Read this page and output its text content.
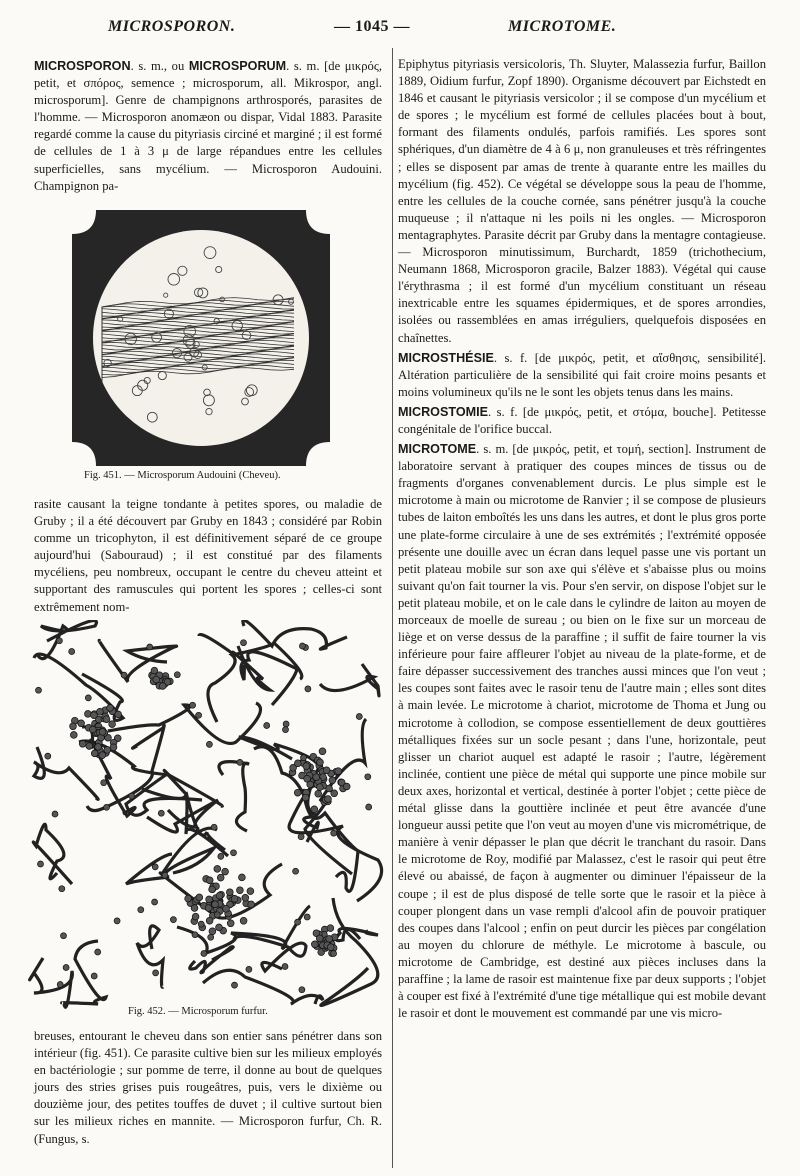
MICROSPORON.	— 1045 —	MICROTOME.

MICROSPORON. s. m., ou MICROSPORUM. s. m. [de μικρός, petit, et σπόρος, semence ; microsporum, all. Mikrospor, angl. microsporum]. Genre de champignons arthrosporés, parasites de l'homme. — Microsporon anomæon ou dispar, Vidal 1883. Parasite regardé comme la cause du pityriasis circiné et marginé ; il est formé de cellules de 1 à 3 μ de large répandues entre les cellules superficielles, sans mycélium. — Microsporon Audouini. Champignon pa-

Fig. 451. — Microsporum Audouini (Cheveu).

rasite causant la teigne tondante à petites spores, ou maladie de Gruby ; il a été découvert par Gruby en 1843 ; considéré par Robin comme un tricophyton, il est définitivement séparé de ce groupe aujourd'hui (Sabouraud) ; il est constitué par des filaments mycéliens, peu nombreux, occupant le centre du cheveu atteint et supportant des ramuscules qui portent les spores ; celles-ci sont extrêmement nom-

Fig. 452. — Microsporum furfur.

breuses, entourant le cheveu dans son entier sans pénétrer dans son intérieur (fig. 451). Ce parasite cultive bien sur les milieux employés en bactériologie ; sur pomme de terre, il donne au bout de quelques jours des stries grises puis rougeâtres, puis, vers le dixième ou douzième jour, des petites touffes de duvet ; il cultive surtout bien sur les milieux riches en mannite. — Microsporon furfur, Ch. R. (Fungus, s.

Epiphytus pityriasis versicoloris, Th. Sluyter, Malassezia furfur, Baillon 1889, Oidium furfur, Zopf 1890). Organisme découvert par Eichstedt en 1846 et causant le pityriasis versicolor ; il se compose d'un mycélium et de spores ; le mycélium est formé de cellules placées bout à bout, formant des filaments ondulés, parfois ramifiés. Les spores sont sphériques, d'un diamètre de 4 à 6 μ, non granuleuses et très réfringentes ; elles se disposent par amas de trente à quarante entre les mailles du mycélium (fig. 452). Ce végétal se développe sous la peau de l'homme, entre les cellules de la couche cornée, sans pénétrer jusqu'à la couche muqueuse ; il n'attaque ni les poils ni les ongles. — Microsporon mentagraphytes. Parasite décrit par Gruby dans la mentagre contagieuse. — Microsporon minutissimum, Burchardt, 1859 (trichothecium, Neumann 1868, Microsporon gracile, Balzer 1883). Végétal qui cause l'érythrasma ; il est formé d'un mycélium constituant un réseau inextricable entre les squames épidermiques, et de spores arrondies, isolées ou rassemblées en amas irréguliers, quelquefois disposées en chaînettes.

MICROSTHÉSIE. s. f. [de μικρός, petit, et αἴσθησις, sensibilité]. Altération particulière de la sensibilité qui fait croire moins pesants et moins volumineux qu'ils ne le sont les objets tenus dans les mains.

MICROSTOMIE. s. f. [de μικρός, petit, et στόμα, bouche]. Petitesse congénitale de l'orifice buccal.

MICROTOME. s. m. [de μικρός, petit, et τομή, section]. Instrument de laboratoire servant à pratiquer des coupes minces de tissus ou de fragments d'organes convenablement durcis. Le plus simple est le microtome à main ou microtome de Ranvier ; il se compose de plusieurs tubes de laiton emboîtés les uns dans les autres, et dont le plus gros porte une plate-forme circulaire à une de ses extrémités ; l'extrémité opposée présente une douille avec un écran dans lequel passe une vis portant un petit plateau mobile sur son axe qui s'élève et s'abaisse plus ou moins suivant qu'on fait tourner la vis. Pour s'en servir, on dispose l'objet sur le petit plateau mobile, et on le cale dans le cylindre de laiton au moyen de morceaux de moelle de sureau ; ou bien on le fixe sur un morceau de liège et on verse dessus de la paraffine ; il suffit de faire tourner la vis inférieure pour faire affleurer l'objet au niveau de la plate-forme, et de faire dépasser successivement des tranches aussi minces que l'on veut ; les coupes sont faites avec le rasoir tenu de l'autre main ; elles sont dites à main levée. Le microtome à chariot, microtome de Thoma et Jung ou microtome à collodion, se compose essentiellement de deux gouttières métalliques fixées sur un socle pesant ; dans l'une, horizontale, peut glisser un chariot auquel est adapté le rasoir ; l'autre, légèrement inclinée, contient une pièce de métal qui supporte une pince mobile sur deux axes, horizontal et vertical, destinée à porter l'objet ; cette pièce de métal glisse dans la gouttière inclinée et peut être avancée d'une longueur aussi petite que l'on veut au moyen d'une vis micrométrique, de manière à venir dépasser le plan que décrit le tranchant du rasoir. Dans le microtome de Roy, modifié par Malassez, c'est le rasoir qui peut être élevé ou abaissé, de façon à augmenter ou diminuer l'épaisseur de la coupe ; il est de plus disposé de telle sorte que le rasoir et la pièce à couper plongent dans un vase rempli d'alcool afin de pouvoir pratiquer des coupes dans l'alcool ; enfin on peut durcir les pièces par congélation au moyen du chlorure de méthyle. Le microtome à bascule, ou microtome de Cambridge, est destiné aux pièces incluses dans la paraffine ; la lame de rasoir est maintenue fixe par deux supports ; l'objet à couper est fixé à l'extrémité d'une tige métallique qui est mobile devant le rasoir et dont le mouvement est commandé par une vis micro-
